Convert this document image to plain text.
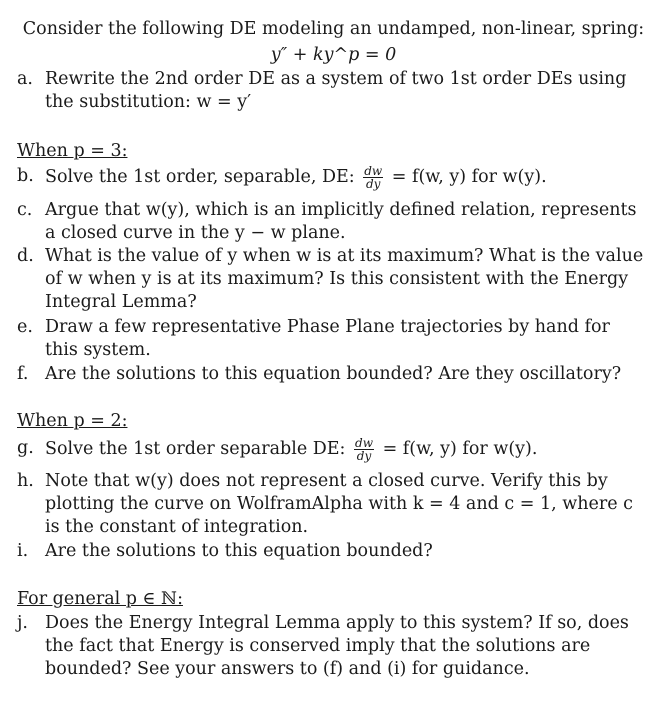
Consider the following DE modeling an undamped, non-linear, spring:
y″ + ky^p = 0
a. Rewrite the 2nd order DE as a system of two 1st order DEs using the substitution: w = y′
When p = 3:
b. Solve the 1st order, separable, DE: $\frac{dw}{dy} = f(w$, y) for w(y).
c. Argue that w(y), which is an implicitly defined relation, represents a closed curve in the y − w plane.
d. What is the value of y when w is at its maximum? What is the value of w when y is at its maximum? Is this consistent with the Energy Integral Lemma?
e. Draw a few representative Phase Plane trajectories by hand for this system.
f. Are the solutions to this equation bounded? Are they oscillatory?
When p = 2:
g. Solve the 1st order separable DE: $\frac{dw}{dy} = f(w$, y) for w(y).
h. Note that w(y) does not represent a closed curve. Verify this by plotting the curve on WolframAlpha with k = 4 and c = 1, where c is the constant of integration.
i. Are the solutions to this equation bounded?
For general p ∈ ℕ:
j. Does the Energy Integral Lemma apply to this system? If so, does the fact that Energy is conserved imply that the solutions are bounded? See your answers to (f) and (i) for guidance.
